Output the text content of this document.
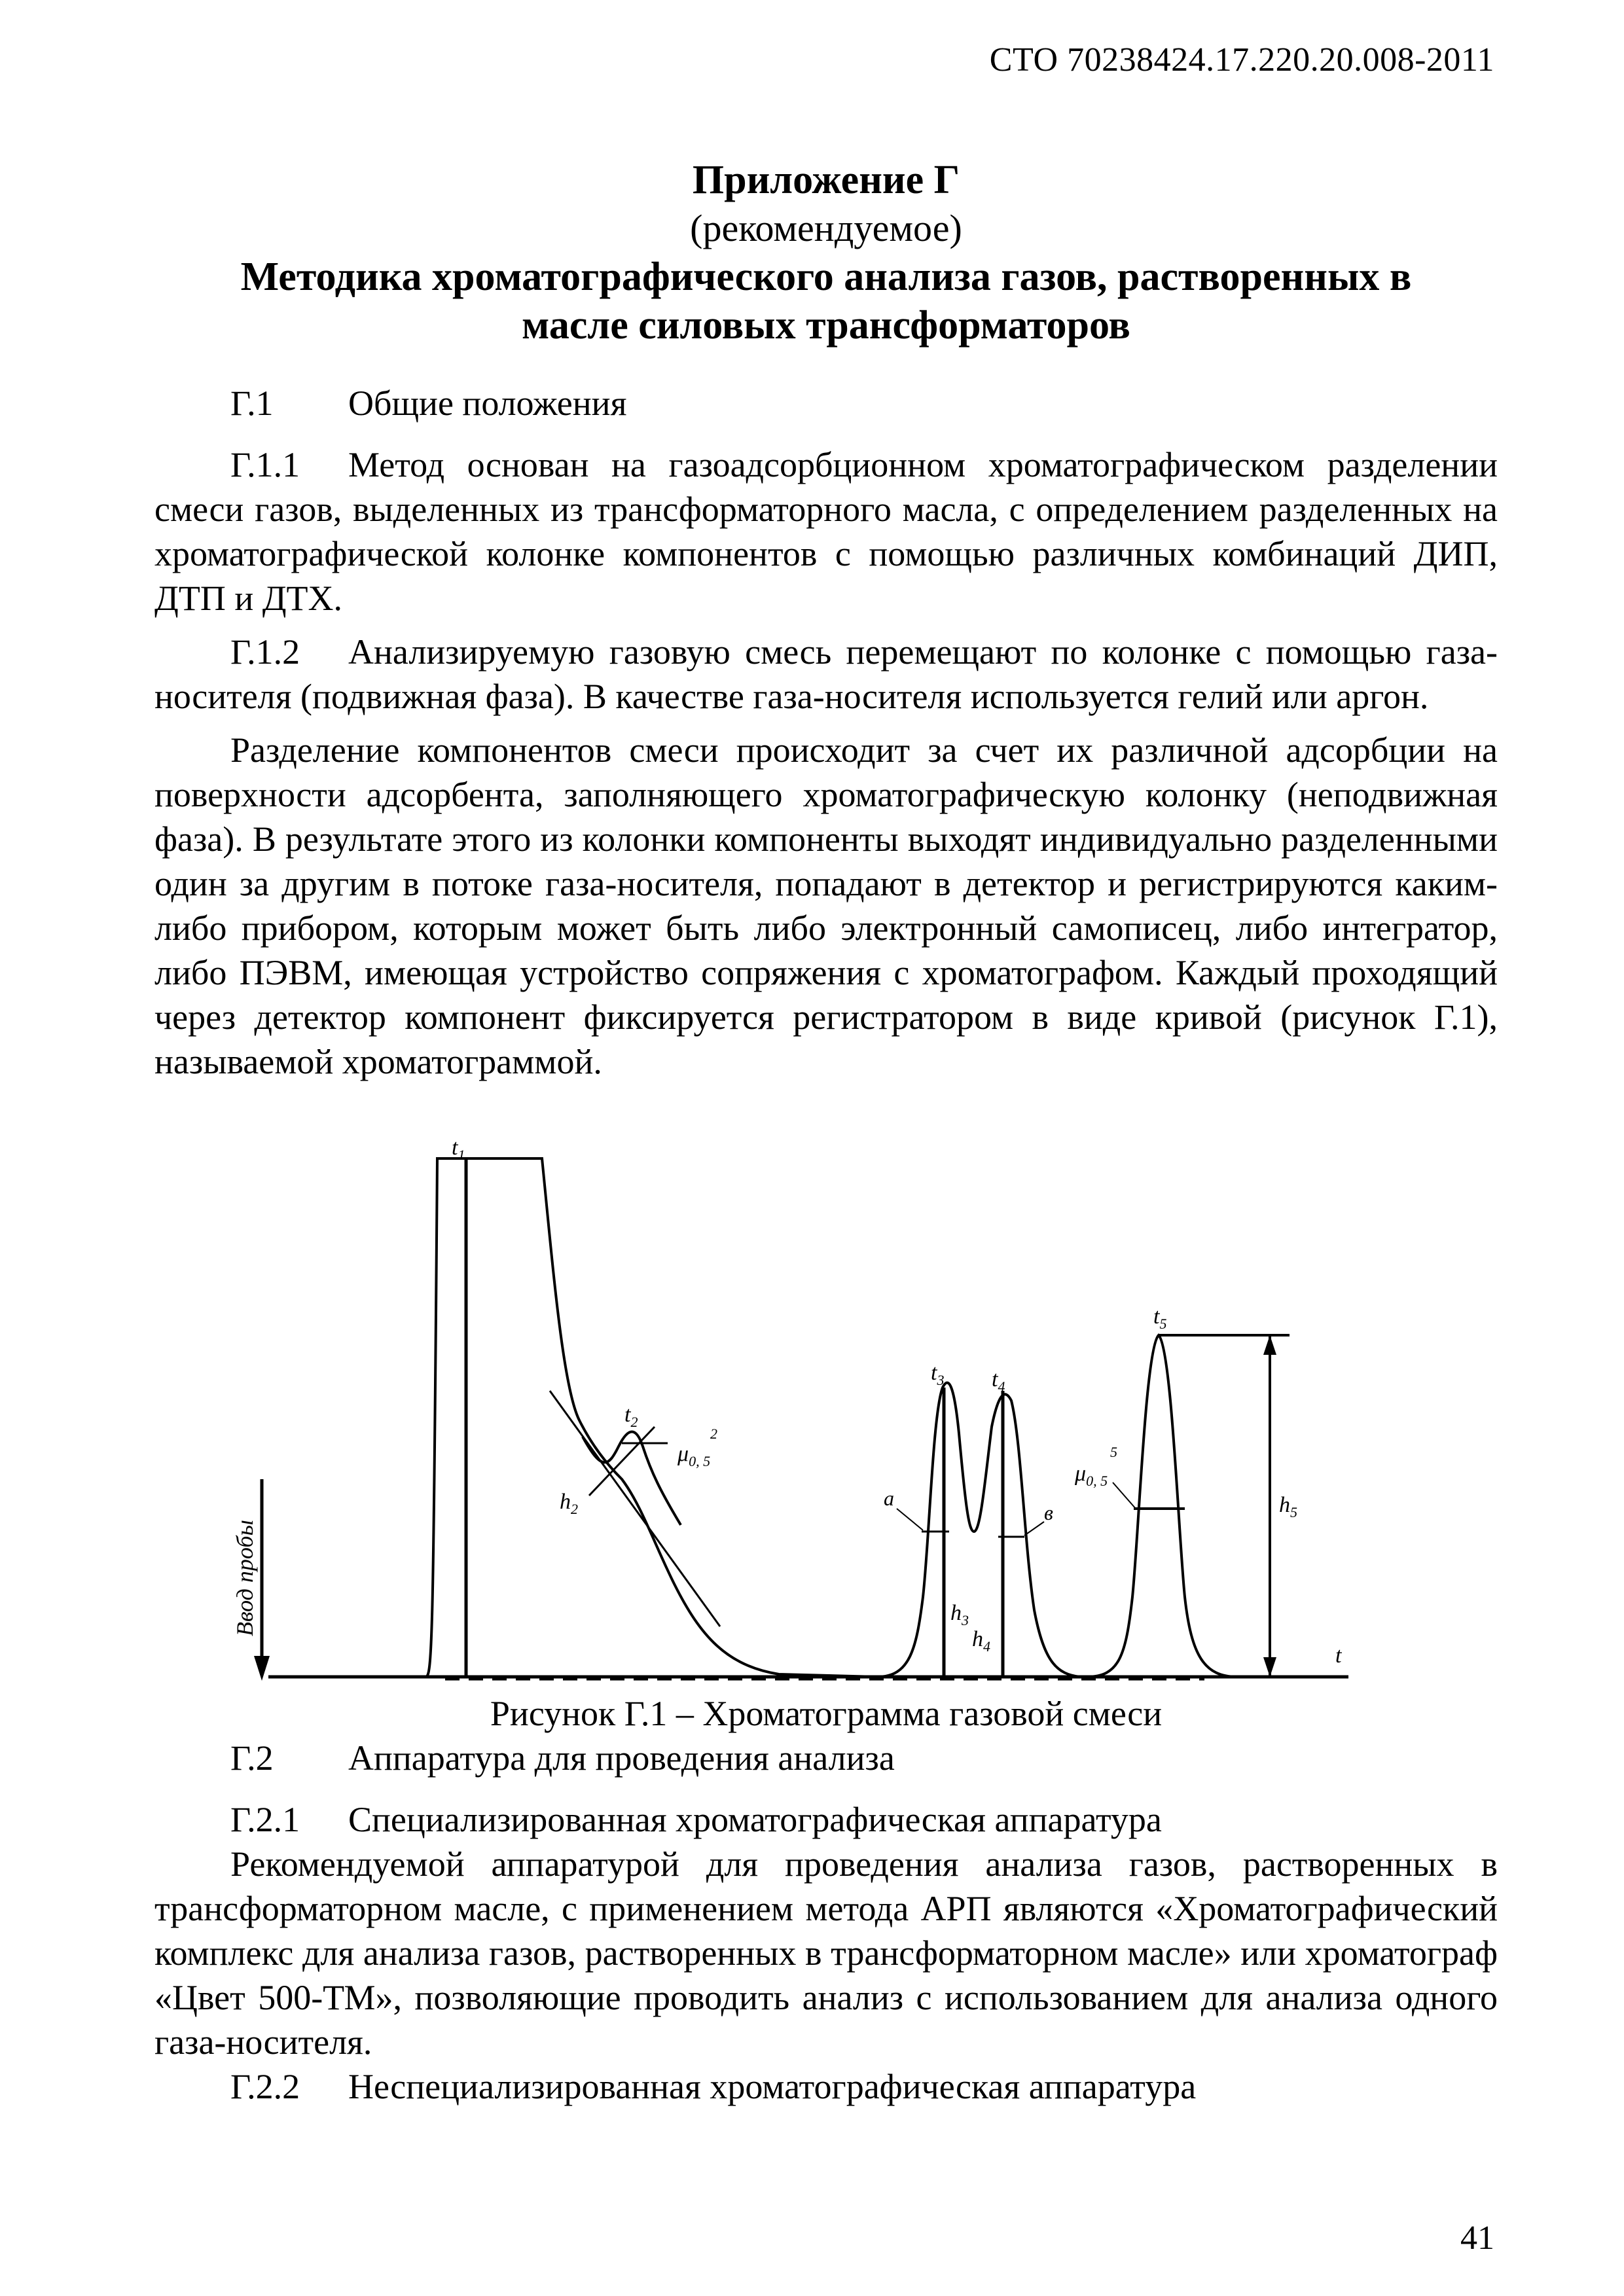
СТО 70238424.17.220.20.008-2011
Приложение Г
(рекомендуемое)
Методика хроматографического анализа газов, растворенных в
масле силовых трансформаторов

Г.1 Общие положения

Г.1.1 Метод основан на газоадсорбционном хроматографическом разделении смеси газов, выделенных из трансформаторного масла, с определением разделенных на хроматографической колонке компонентов с помощью различных комбинаций ДИП, ДТП и ДТХ.

Г.1.2 Анализируемую газовую смесь перемещают по колонке с помощью газа-носителя (подвижная фаза). В качестве газа-носителя используется гелий или аргон.

Разделение компонентов смеси происходит за счет их различной адсорбции на поверхности адсорбента, заполняющего хроматографическую колонку (неподвижная фаза). В результате этого из колонки компоненты выходят индивидуально разделенными один за другим в потоке газа-носителя, попадают в детектор и регистрируются каким-либо прибором, которым может быть либо электронный самописец, либо интегратор, либо ПЭВМ, имеющая устройство сопряжения с хроматографом. Каждый проходящий через детектор компонент фиксируется регистратором в виде кривой (рисунок Г.1), называемой хроматограммой.

Ввод пробы
$t_1$
$t_2$
$\mu_{0, 5}$
2
$h_2$
$t_3$ $t_4$
а
в
$h_3$
$h_4$
$t_5$
$\mu_{0, 5}$
5
$h_5$
t
Рисунок Г.1 – Хроматограмма газовой смеси

Г.2 Аппаратура для проведения анализа

Г.2.1 Специализированная хроматографическая аппаратура

Рекомендуемой аппаратурой для проведения анализа газов, растворенных в трансформаторном масле, с применением метода АРП являются «Хроматографический комплекс для анализа газов, растворенных в трансформаторном масле» или хроматограф «Цвет 500-ТМ», позволяющие проводить анализ с использованием для анализа одного газа-носителя.

Г.2.2 Неспециализированная хроматографическая аппаратура

41
